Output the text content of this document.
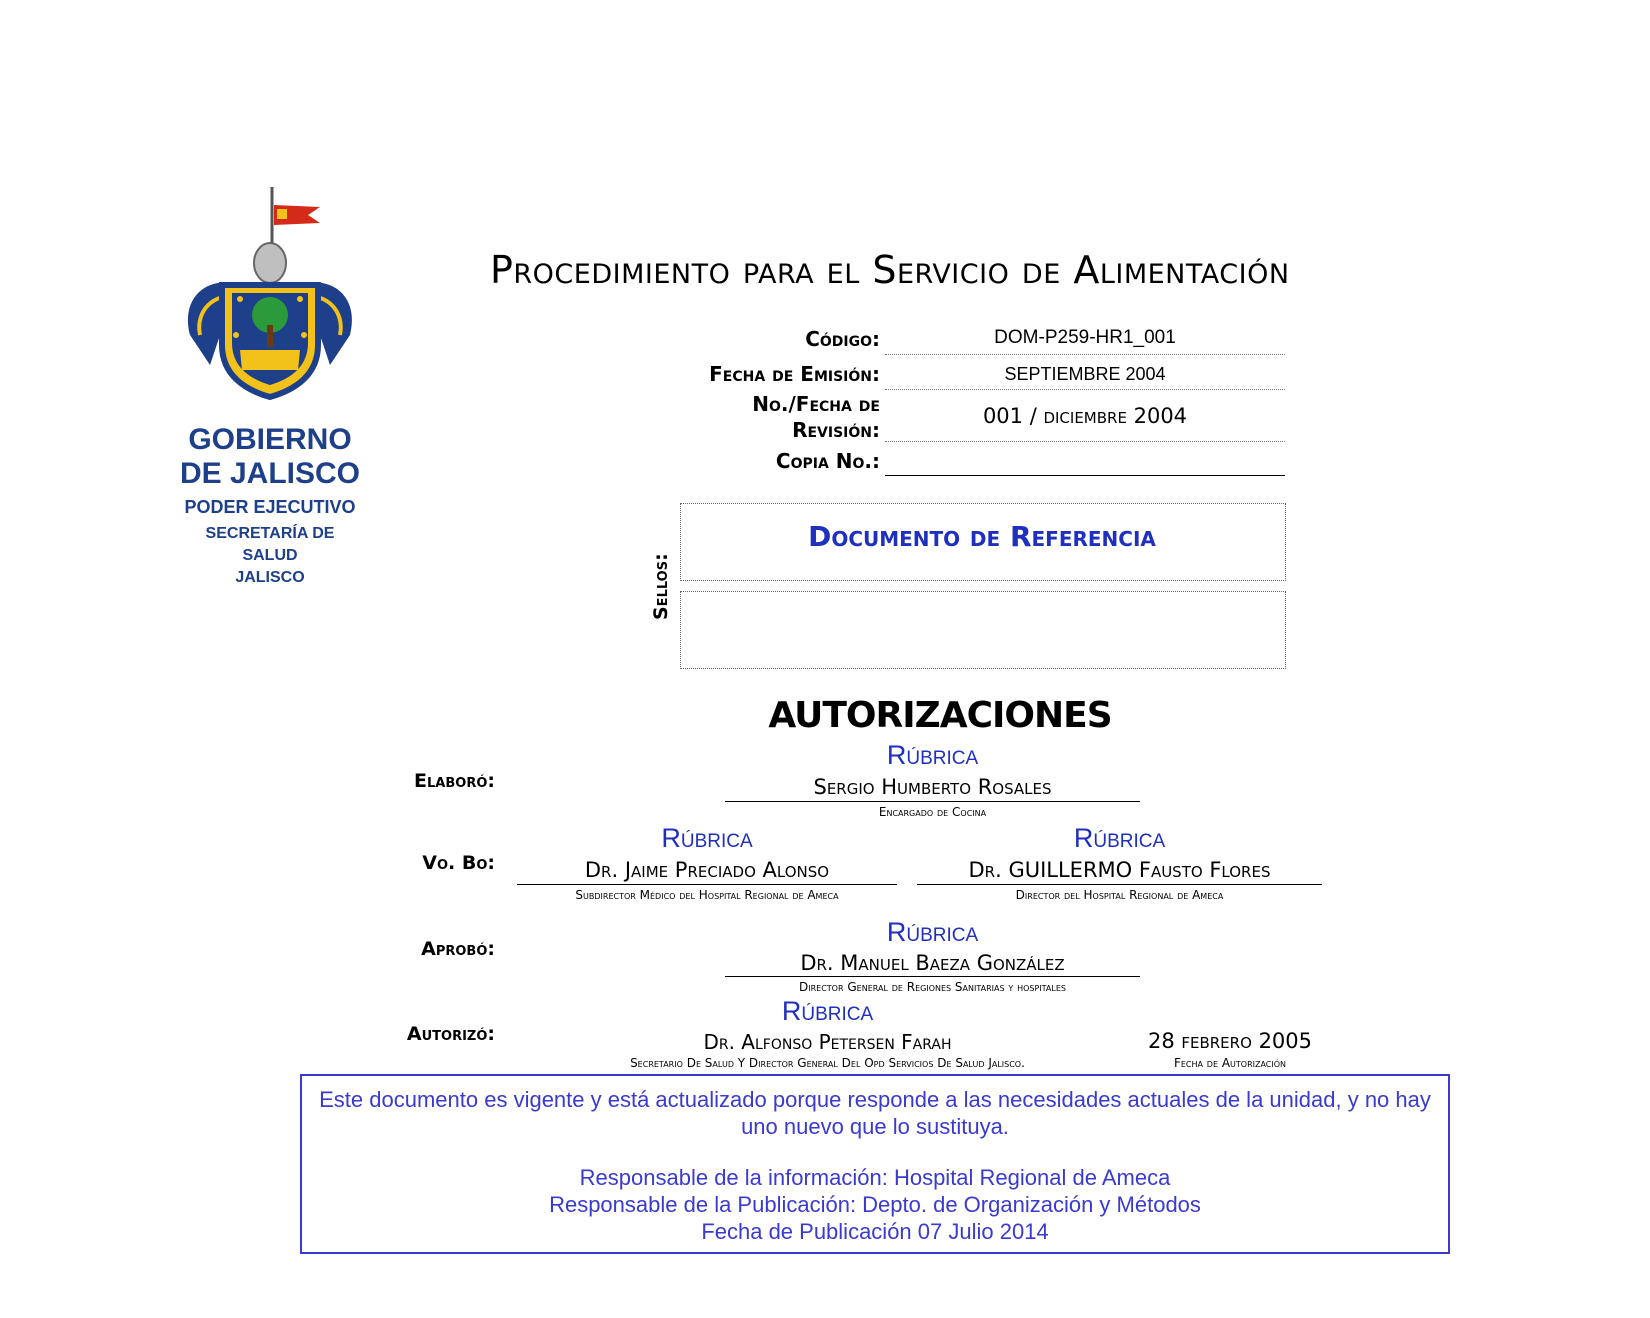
GOBIERNO
DE JALISCO
PODER EJECUTIVO
SECRETARÍA DE
SALUD
JALISCO
Procedimiento para el Servicio de Alimentación
Código:	DOM-P259-HR1_001
Fecha de Emisión:	SEPTIEMBRE 2004
No./Fecha de
Revisión:
001 / diciembre 2004
Copia No.:
Sellos:
Documento de Referencia
AUTORIZACIONES
Elaboró:
Rúbrica
Sergio Humberto Rosales
Encargado de Cocina
Vo. Bo:
Rúbrica
Dr. Jaime Preciado Alonso
Subdirector Médico del Hospital Regional de Ameca
Rúbrica
Dr. GUILLERMO Fausto Flores
Director del Hospital Regional de Ameca
Aprobó:
Rúbrica
Dr. Manuel Baeza González
Director General de Regiones Sanitarias y hospitales
Autorizó:
Rúbrica
Dr. Alfonso Petersen Farah
Secretario De Salud Y Director General Del Opd Servicios De Salud Jalisco.
28 febrero 2005
Fecha de Autorización

Este documento es vigente y está actualizado porque responde a las necesidades actuales de la unidad, y no hay uno nuevo que lo sustituya.

Responsable de la información: Hospital Regional de Ameca

Responsable de la Publicación: Depto. de Organización y Métodos

Fecha de Publicación 07 Julio 2014
